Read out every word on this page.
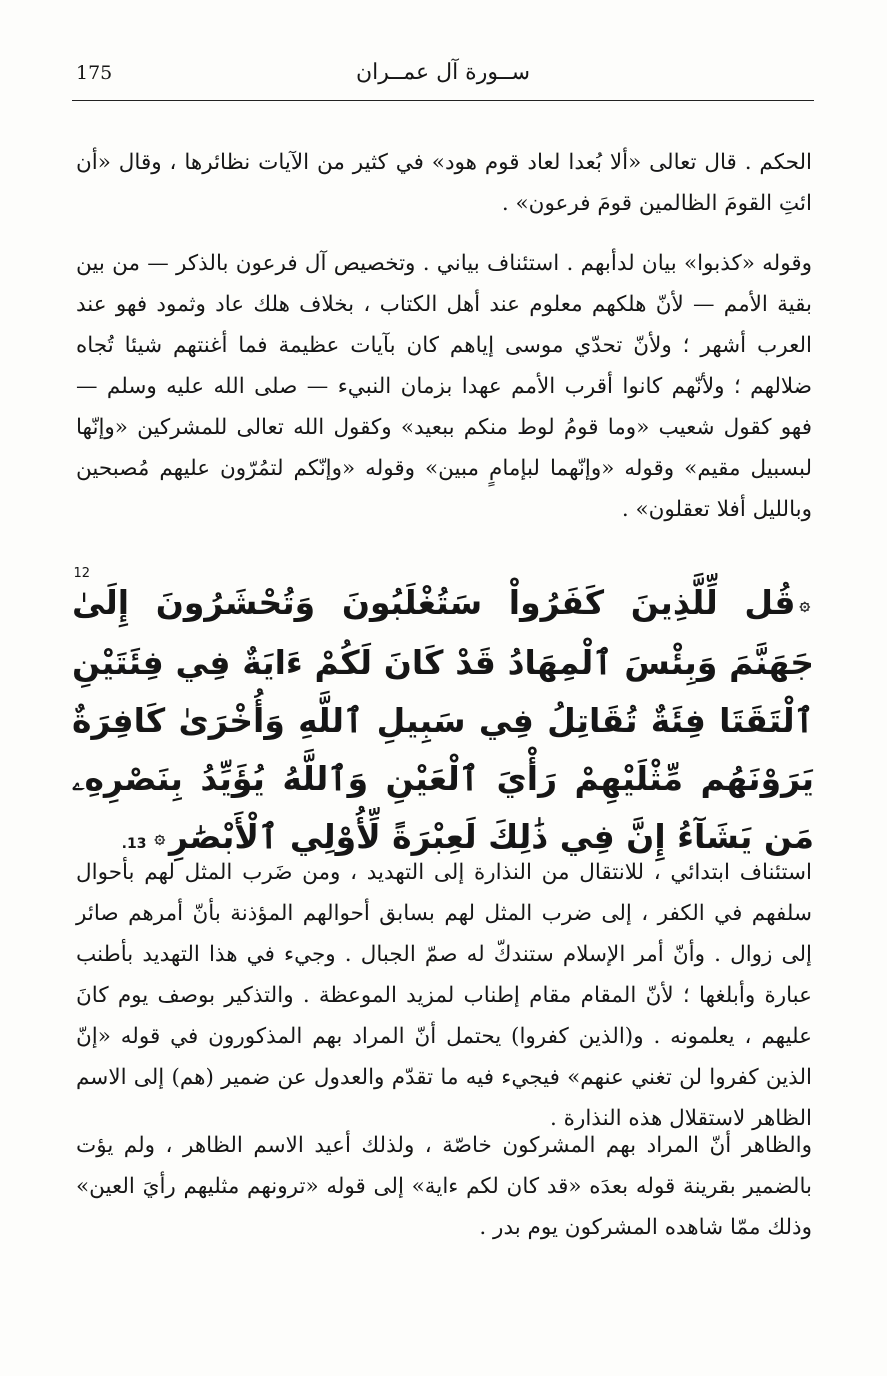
175	ســورة آل عمــران

الحكم . قال تعالى «ألا بُعدا لعاد قوم هود» في كثير من الآيات نظائرها ، وقال «أن ائتِ القومَ الظالمين قومَ فرعون» .

وقوله «كذبوا» بيان لدأبهم . استئناف بياني . وتخصيص آل فرعون بالذكر — من بين بقية الأمم — لأنّ هلكهم معلوم عند أهل الكتاب ، بخلاف هلك عاد وثمود فهو عند العرب أشهر ؛ ولأنّ تحدّي موسى إياهم كان بآيات عظيمة فما أغنتهم شيئا تُجاه ضلالهم ؛ ولأنّهم كانوا أقرب الأمم عهدا بزمان النبيء — صلى الله عليه وسلم — فهو كقول شعيب «وما قومُ لوط منكم ببعيد» وكقول الله تعالى للمشركين «وإنّها لبسبيل مقيم» وقوله «وإنّهما لبإمامٍ مبين» وقوله «وإنّكم لتمُرّون عليهم مُصبحين وبالليل أفلا تعقلون» .

12

۞قُل لِّلَّذِينَ كَفَرُواْ سَتُغْلَبُونَ وَتُحْشَرُونَ إِلَىٰ جَهَنَّمَ وَبِئْسَ ٱلْمِهَادُ قَدْ كَانَ لَكُمْ ءَايَةٌ فِي فِئَتَيْنِ ٱلْتَقَتَا فِئَةٌ تُقَاتِلُ فِي سَبِيلِ ٱللَّهِ وَأُخْرَىٰ كَافِرَةٌ يَرَوْنَهُم مِّثْلَيْهِمْ رَأْيَ ٱلْعَيْنِ وَٱللَّهُ يُؤَيِّدُ بِنَصْرِهِۦ مَن يَشَآءُ إِنَّ فِي ذَٰلِكَ لَعِبْرَةً لِّأُوْلِي ٱلْأَبْصَٰرِ۞13.

استئناف ابتدائي ، للانتقال من النذارة إلى التهديد ، ومن ضَرب المثل لهم بأحوال سلفهم في الكفر ، إلى ضرب المثل لهم بسابق أحوالهم المؤذنة بأنّ أمرهم صائر إلى زوال . وأنّ أمر الإسلام ستندكّ له صمّ الجبال . وجيء في هذا التهديد بأطنب عبارة وأبلغها ؛ لأنّ المقام مقام إطناب لمزيد الموعظة . والتذكير بوصف يوم كانَ عليهم ، يعلمونه . و(الذين كفروا) يحتمل أنّ المراد بهم المذكورون في قوله «إنّ الذين كفروا لن تغني عنهم» فيجيء فيه ما تقدّم والعدول عن ضمير (هم) إلى الاسم الظاهر لاستقلال هذه النذارة .

والظاهر أنّ المراد بهم المشركون خاصّة ، ولذلك أعيد الاسم الظاهر ، ولم يؤت بالضمير بقرينة قوله بعدَه «قد كان لكم ءاية» إلى قوله «ترونهم مثليهم رأيَ العين» وذلك ممّا شاهده المشركون يوم بدر .
